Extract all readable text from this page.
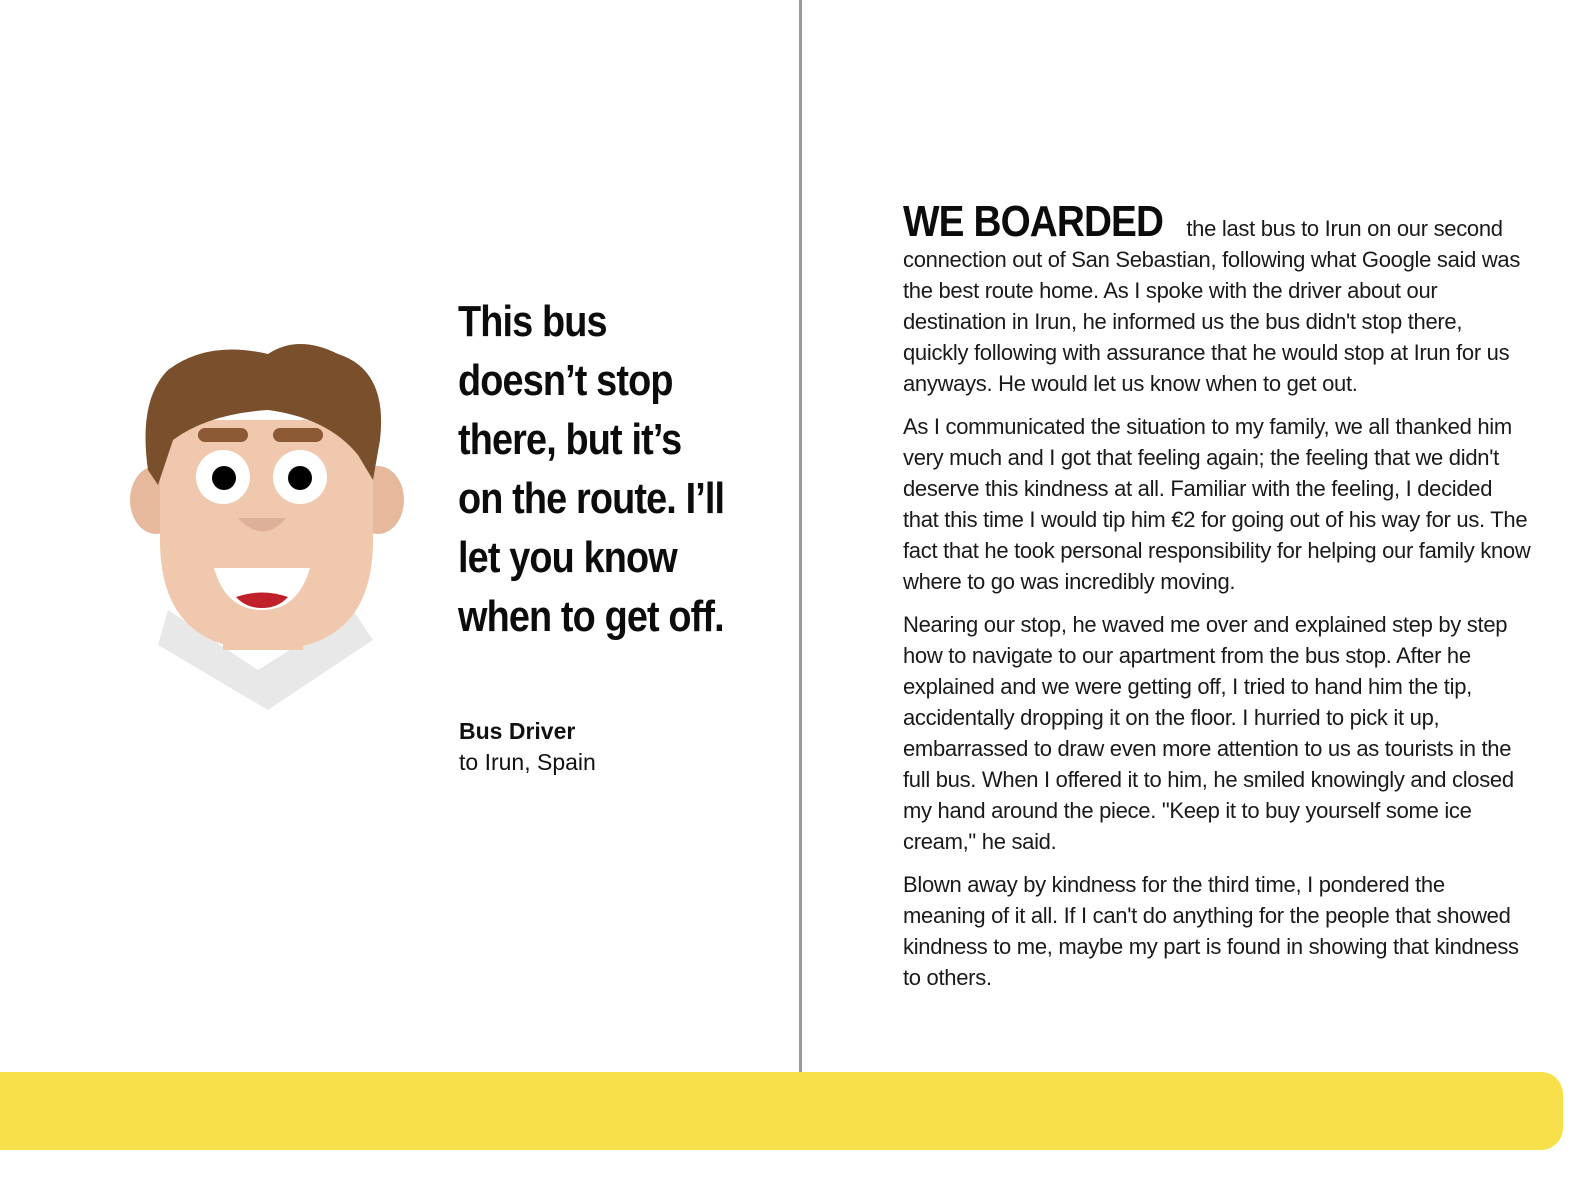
This bus doesn’t stop there, but it’s on the route. I’ll let you know when to get off.
Bus Driver
to Irun, Spain

WE BOARDED the last bus to Irun on our second connection out of San Sebastian, following what Google said was the best route home. As I spoke with the driver about our destination in Irun, he informed us the bus didn't stop there, quickly following with assurance that he would stop at Irun for us anyways. He would let us know when to get out.

As I communicated the situation to my family, we all thanked him very much and I got that feeling again; the feeling that we didn't deserve this kindness at all. Familiar with the feeling, I decided that this time I would tip him €2 for going out of his way for us. The fact that he took personal responsibility for helping our family know where to go was incredibly moving.

Nearing our stop, he waved me over and explained step by step how to navigate to our apartment from the bus stop. After he explained and we were getting off, I tried to hand him the tip, accidentally dropping it on the floor. I hurried to pick it up, embarrassed to draw even more attention to us as tourists in the full bus. When I offered it to him, he smiled knowingly and closed my hand around the piece. "Keep it to buy yourself some ice cream," he said.

Blown away by kindness for the third time, I pondered the meaning of it all. If I can't do anything for the people that showed kindness to me, maybe my part is found in showing that kindness to others.
